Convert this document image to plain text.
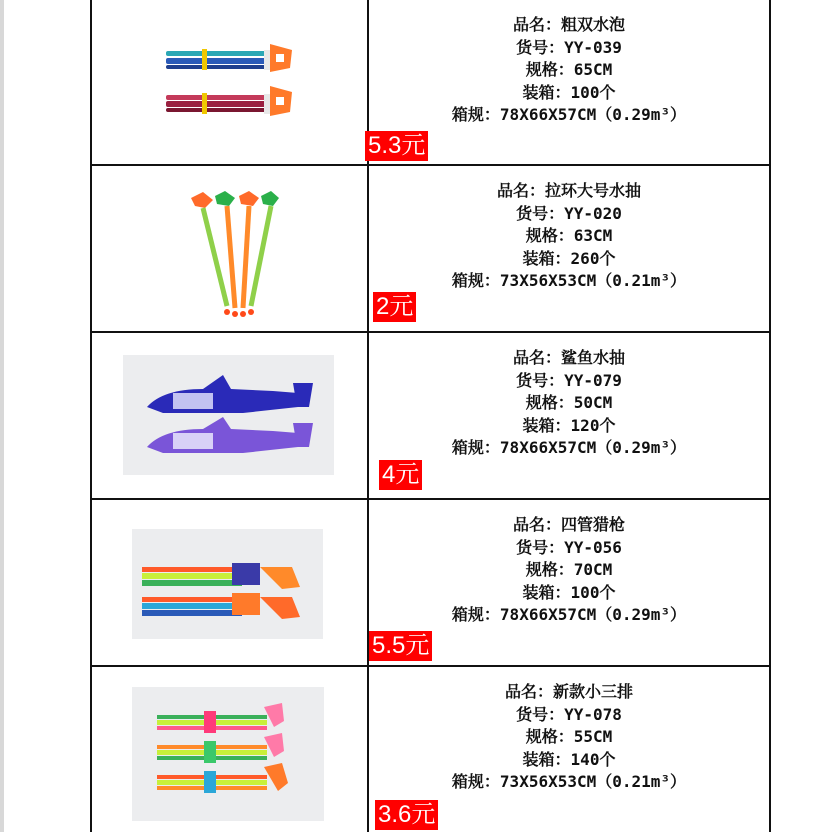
品名：粗双水泡
货号：YY-039
规格：65CM
装箱：100个
箱规：78X66X57CM（0.29m³）
5.3元
品名：拉环大号水抽
货号：YY-020
规格：63CM
装箱：260个
箱规：73X56X53CM（0.21m³）
2元
品名：鲨鱼水抽
货号：YY-079
规格：50CM
装箱：120个
箱规：78X66X57CM（0.29m³）
4元
品名：四管猎枪
货号：YY-056
规格：70CM
装箱：100个
箱规：78X66X57CM（0.29m³）
5.5元
品名：新款小三排
货号：YY-078
规格：55CM
装箱：140个
箱规：73X56X53CM（0.21m³）
3.6元
